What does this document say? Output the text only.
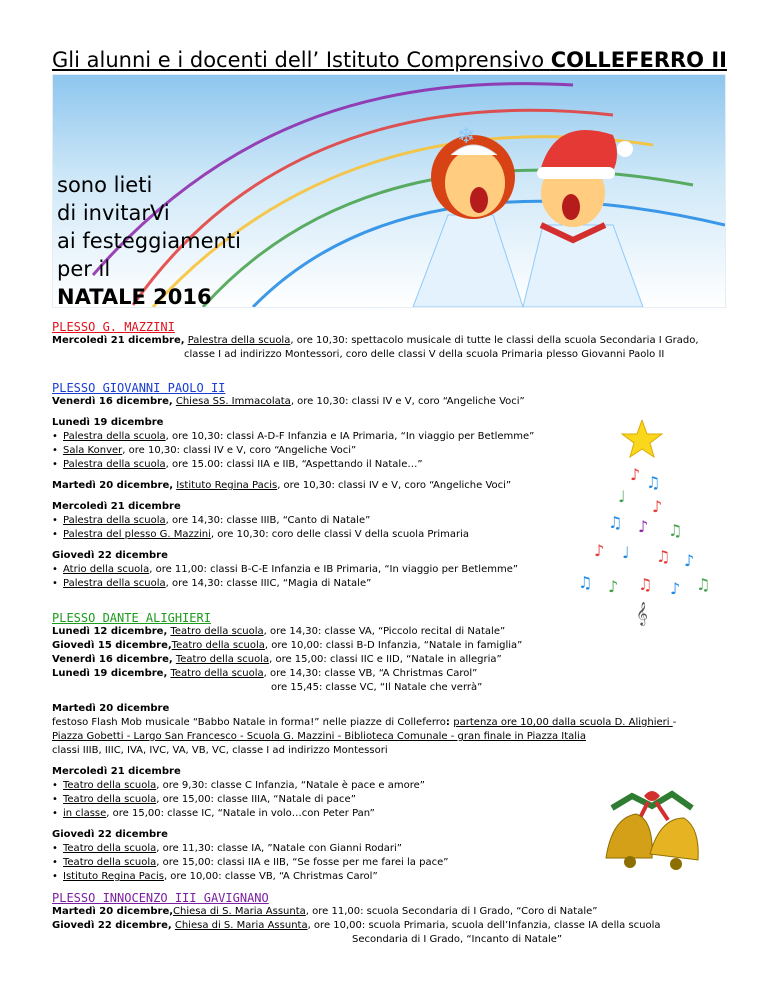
Gli alunni e i docenti dell’ Istituto Comprensivo COLLEFERRO II
❄
sono lieti
di invitarVi
ai festeggiamenti
per il
NATALE 2016
PLESSO G. MAZZINI
Mercoledì 21 dicembre, Palestra della scuola, ore 10,30: spettacolo musicale di tutte le classi della scuola Secondaria I Grado,
classe I ad indirizzo Montessori, coro delle classi V della scuola Primaria plesso Giovanni Paolo II
PLESSO GIOVANNI PAOLO II
Venerdì 16 dicembre, Chiesa SS. Immacolata, ore 10,30: classi IV e V, coro “Angeliche Voci”
Lunedì 19 dicembre
• Palestra della scuola, ore 10,30: classi A-D-F Infanzia e IA Primaria, “In viaggio per Betlemme”
• Sala Konver, ore 10,30: classi IV e V, coro “Angeliche Voci”
• Palestra della scuola, ore 15.00: classi IIA e IIB, “Aspettando il Natale…”
Martedì 20 dicembre, Istituto Regina Pacis, ore 10,30: classi IV e V, coro “Angeliche Voci”
Mercoledì 21 dicembre
• Palestra della scuola, ore 14,30: classe IIIB, “Canto di Natale”
• Palestra del plesso G. Mazzini, ore 10,30: coro delle classi V della scuola Primaria
Giovedì 22 dicembre
• Atrio della scuola, ore 11,00: classi B-C-E Infanzia e IB Primaria, “In viaggio per Betlemme”
• Palestra della scuola, ore 14,30: classe IIIC, “Magia di Natale”
♪ ♫
♩
♪
♫ ♪ ♫
♪ ♩ ♫ ♪
♫ ♪ ♫ ♪ ♫
𝄞
PLESSO DANTE ALIGHIERI
Lunedì 12 dicembre, Teatro della scuola, ore 14,30: classe VA, “Piccolo recital di Natale”
Giovedì 15 dicembre,Teatro della scuola, ore 10,00: classi B-D Infanzia, “Natale in famiglia”
Venerdì 16 dicembre, Teatro della scuola, ore 15,00: classi IIC e IID, “Natale in allegria”
Lunedì 19 dicembre, Teatro della scuola, ore 14,30: classe VB, “A Christmas Carol”
ore 15,45: classe VC, “Il Natale che verrà”
Martedì 20 dicembre
festoso Flash Mob musicale “Babbo Natale in forma!” nelle piazze di Colleferro: partenza ore 10,00 dalla scuola D. Alighieri -
Piazza Gobetti - Largo San Francesco - Scuola G. Mazzini - Biblioteca Comunale - gran finale in Piazza Italia
classi IIIB, IIIC, IVA, IVC, VA, VB, VC, classe I ad indirizzo Montessori
Mercoledì 21 dicembre
• Teatro della scuola, ore 9,30: classe C Infanzia, “Natale è pace e amore”
• Teatro della scuola, ore 15,00: classe IIIA, “Natale di pace”
• in classe, ore 15,00: classe IC, “Natale in volo…con Peter Pan”
Giovedì 22 dicembre
• Teatro della scuola, ore 11,30: classe IA, ”Natale con Gianni Rodari”
• Teatro della scuola, ore 15,00: classi IIA e IIB, “Se fosse per me farei la pace”
• Istituto Regina Pacis, ore 10,00: classe VB, “A Christmas Carol”
PLESSO INNOCENZO III GAVIGNANO
Martedì 20 dicembre,Chiesa di S. Maria Assunta, ore 11,00: scuola Secondaria di I Grado, “Coro di Natale”
Giovedì 22 dicembre, Chiesa di S. Maria Assunta, ore 10,00: scuola Primaria, scuola dell’Infanzia, classe IA della scuola
Secondaria di I Grado, “Incanto di Natale”
